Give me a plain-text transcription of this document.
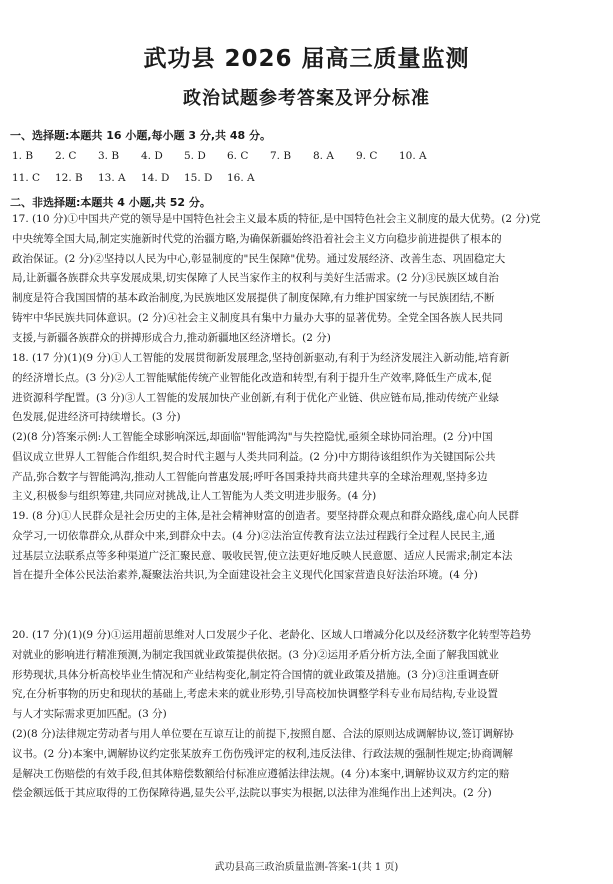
武功县 2026 届高三质量监测
政治试题参考答案及评分标准
一、选择题:本题共 16 小题,每小题 3 分,共 48 分。
1. B 2. C 3. B 4. D 5. D 6. C 7. B 8. A 9. C 10. A
11. C 12. B 13. A 14. D 15. D 16. A
二、非选择题:本题共 4 小题,共 52 分。
17. (10 分)①中国共产党的领导是中国特色社会主义最本质的特征,是中国特色社会主义制度的最大优势。(2 分)党
中央统筹全国大局,制定实施新时代党的治疆方略,为确保新疆始终沿着社会主义方向稳步前进提供了根本的
政治保证。(2 分)②坚持以人民为中心,彰显制度的"民生保障"优势。通过发展经济、改善生态、巩固稳定大
局,让新疆各族群众共享发展成果,切实保障了人民当家作主的权利与美好生活需求。(2 分)③民族区域自治
制度是符合我国国情的基本政治制度,为民族地区发展提供了制度保障,有力维护国家统一与民族团结,不断
铸牢中华民族共同体意识。(2 分)④社会主义制度具有集中力量办大事的显著优势。全党全国各族人民共同
支援,与新疆各族群众的拼搏形成合力,推动新疆地区经济增长。(2 分)
18. (17 分)(1)(9 分)①人工智能的发展贯彻新发展理念,坚持创新驱动,有利于为经济发展注入新动能,培育新
的经济增长点。(3 分)②人工智能赋能传统产业智能化改造和转型,有利于提升生产效率,降低生产成本,促
进资源科学配置。(3 分)③人工智能的发展加快产业创新,有利于优化产业链、供应链布局,推动传统产业绿
色发展,促进经济可持续增长。(3 分)
(2)(8 分)答案示例:人工智能全球影响深远,却面临"智能鸿沟"与失控隐忧,亟须全球协同治理。(2 分)中国
倡议成立世界人工智能合作组织,契合时代主题与人类共同利益。(2 分)中方期待该组织作为关键国际公共
产品,弥合数字与智能鸿沟,推动人工智能向普惠发展;呼吁各国秉持共商共建共享的全球治理观,坚持多边
主义,积极参与组织筹建,共同应对挑战,让人工智能为人类文明进步服务。(4 分)
19. (8 分)①人民群众是社会历史的主体,是社会精神财富的创造者。要坚持群众观点和群众路线,虚心向人民群
众学习,一切依靠群众,从群众中来,到群众中去。(4 分)②法治宣传教育法立法过程践行全过程人民民主,通
过基层立法联系点等多种渠道广泛汇聚民意、吸收民智,使立法更好地反映人民意愿、适应人民需求;制定本法
旨在提升全体公民法治素养,凝聚法治共识,为全面建设社会主义现代化国家营造良好法治环境。(4 分)
20. (17 分)(1)(9 分)①运用超前思维对人口发展少子化、老龄化、区域人口增减分化以及经济数字化转型等趋势
对就业的影响进行精准预测,为制定我国就业政策提供依据。(3 分)②运用矛盾分析方法,全面了解我国就业
形势现状,具体分析高校毕业生情况和产业结构变化,制定符合国情的就业政策及措施。(3 分)③注重调查研
究,在分析事物的历史和现状的基础上,考虑未来的就业形势,引导高校加快调整学科专业布局结构,专业设置
与人才实际需求更加匹配。(3 分)
(2)(8 分)法律规定劳动者与用人单位要在互谅互让的前提下,按照自愿、合法的原则达成调解协议,签订调解协
议书。(2 分)本案中,调解协议约定张某放弃工伤伤残评定的权利,违反法律、行政法规的强制性规定;协商调解
是解决工伤赔偿的有效手段,但其体赔偿数额给付标准应遵循法律法规。(4 分)本案中,调解协议双方约定的赔
偿金额远低于其应取得的工伤保障待遇,显失公平,法院以事实为根据,以法律为准绳作出上述判决。(2 分)
武功县高三政治质量监测-答案-1(共 1 页)
